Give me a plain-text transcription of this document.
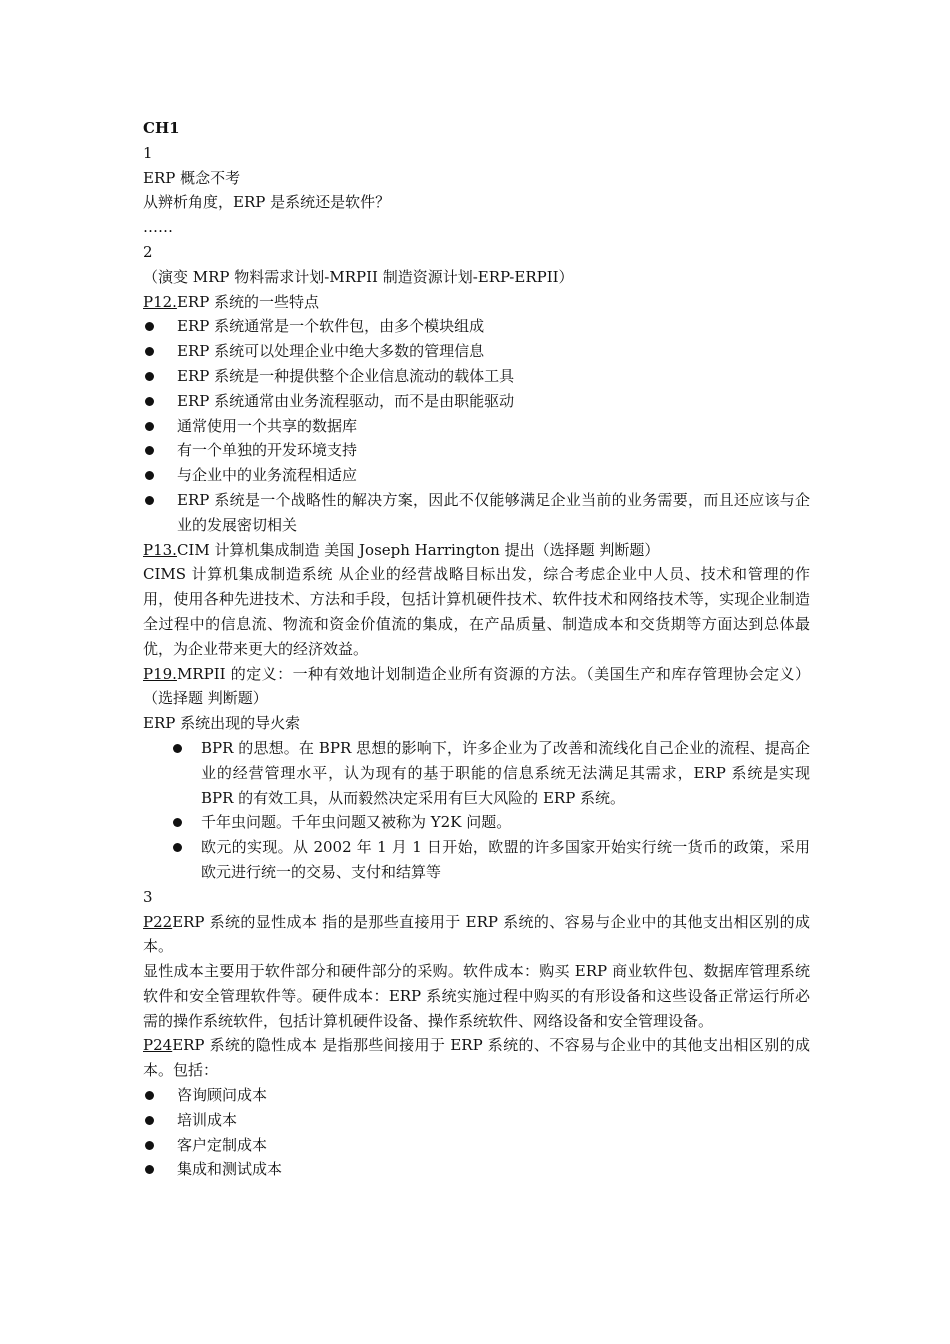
CH1

1

ERP 概念不考

从辨析角度，ERP 是系统还是软件？

……

2

（演变 MRP 物料需求计划-MRPII 制造资源计划-ERP-ERPII）

P12.ERP 系统的一些特点

ERP 系统通常是一个软件包，由多个模块组成

ERP 系统可以处理企业中绝大多数的管理信息

ERP 系统是一种提供整个企业信息流动的载体工具

ERP 系统通常由业务流程驱动，而不是由职能驱动

通常使用一个共享的数据库

有一个单独的开发环境支持

与企业中的业务流程相适应

ERP 系统是一个战略性的解决方案，因此不仅能够满足企业当前的业务需要，而且还应该与企业的发展密切相关

P13.CIM 计算机集成制造 美国 Joseph Harrington 提出（选择题 判断题）

CIMS 计算机集成制造系统 从企业的经营战略目标出发，综合考虑企业中人员、技术和管理的作用，使用各种先进技术、方法和手段，包括计算机硬件技术、软件技术和网络技术等，实现企业制造全过程中的信息流、物流和资金价值流的集成，在产品质量、制造成本和交货期等方面达到总体最优，为企业带来更大的经济效益。

P19.MRPII 的定义：一种有效地计划制造企业所有资源的方法。（美国生产和库存管理协会定义）（选择题 判断题）

ERP 系统出现的导火索

BPR 的思想。在 BPR 思想的影响下，许多企业为了改善和流线化自己企业的流程、提高企业的经营管理水平，认为现有的基于职能的信息系统无法满足其需求，ERP 系统是实现 BPR 的有效工具，从而毅然决定采用有巨大风险的 ERP 系统。

千年虫问题。千年虫问题又被称为 Y2K 问题。

欧元的实现。从 2002 年 1 月 1 日开始，欧盟的许多国家开始实行统一货币的政策，采用欧元进行统一的交易、支付和结算等

3

P22ERP 系统的显性成本 指的是那些直接用于 ERP 系统的、容易与企业中的其他支出相区别的成本。

显性成本主要用于软件部分和硬件部分的采购。软件成本：购买 ERP 商业软件包、数据库管理系统软件和安全管理软件等。硬件成本：ERP 系统实施过程中购买的有形设备和这些设备正常运行所必需的操作系统软件，包括计算机硬件设备、操作系统软件、网络设备和安全管理设备。

P24ERP 系统的隐性成本 是指那些间接用于 ERP 系统的、不容易与企业中的其他支出相区别的成本。包括：

咨询顾问成本

培训成本

客户定制成本

集成和测试成本
